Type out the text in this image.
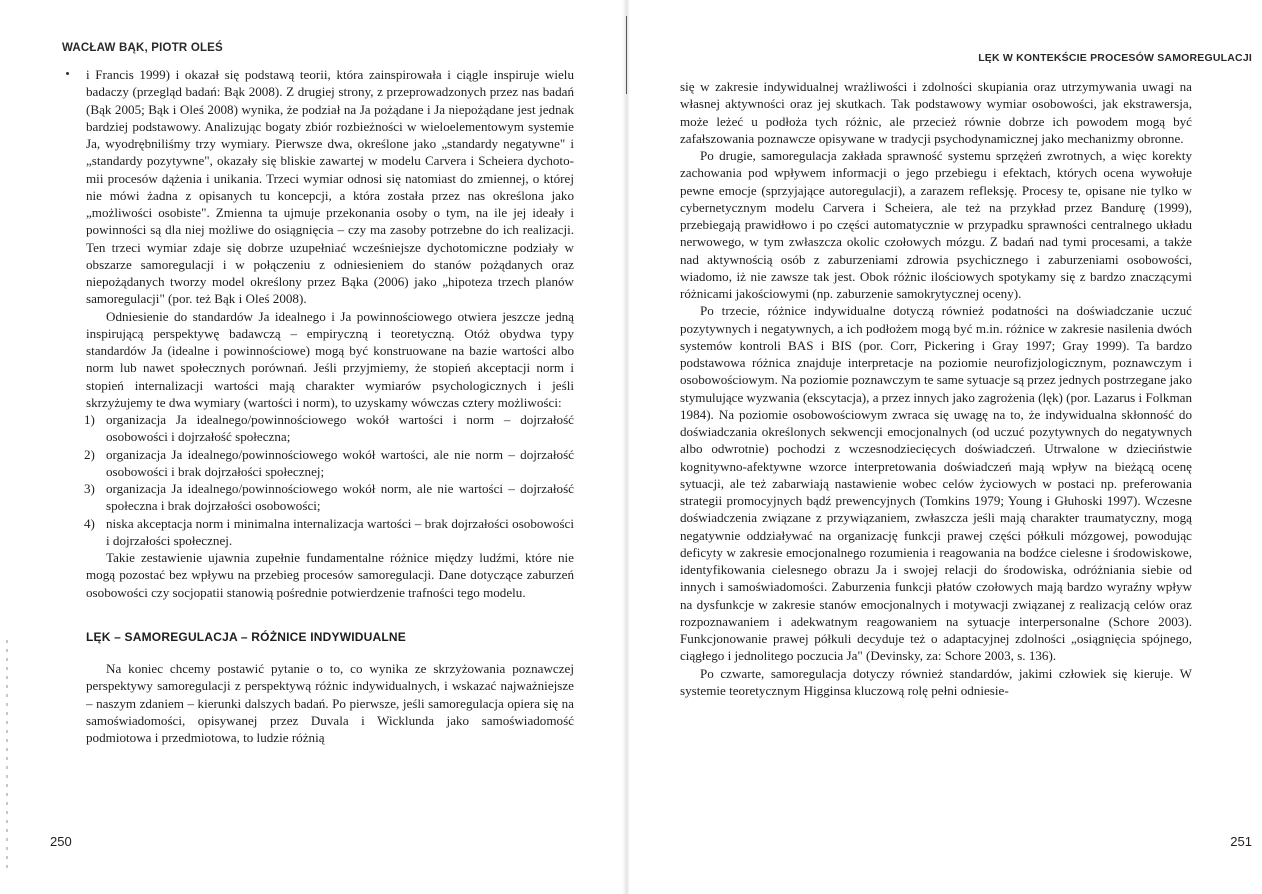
WACŁAW BĄK, PIOTR OLEŚ

i Francis 1999) i okazał się podstawą teorii, która zainspirowała i ciągle inspiruje wielu badaczy (przegląd badań: Bąk 2008). Z drugiej strony, z przeprowadzonych przez nas badań (Bąk 2005; Bąk i Oleś 2008) wynika, że podział na Ja pożądane i Ja niepożądane jest jednak bardziej podstawowy. Analizując bogaty zbiór rozbieżności w wieloelementowym systemie Ja, wyodrębniliśmy trzy wymiary. Pierwsze dwa, określone jako „standardy negatywne" i „standardy pozytywne", okazały się bliskie zawartej w modelu Carvera i Scheiera dychotomii procesów dążenia i unikania. Trzeci wymiar odnosi się natomiast do zmiennej, o której nie mówi żadna z opisanych tu koncepcji, a która została przez nas określona jako „możliwości osobiste". Zmienna ta ujmuje przekonania osoby o tym, na ile jej ideały i powinności są dla niej możliwe do osiągnięcia – czy ma zasoby potrzebne do ich realizacji. Ten trzeci wymiar zdaje się dobrze uzupełniać wcześniejsze dychotomiczne podziały w obszarze samoregulacji i w połączeniu z odniesieniem do stanów pożądanych oraz niepożądanych tworzy model określony przez Bąka (2006) jako „hipoteza trzech planów samoregulacji" (por. też Bąk i Oleś 2008).

Odniesienie do standardów Ja idealnego i Ja powinnościowego otwiera jeszcze jedną inspirującą perspektywę badawczą – empiryczną i teoretyczną. Otóż obydwa typy standardów Ja (idealne i powinnościowe) mogą być konstruowane na bazie wartości albo norm lub nawet społecznych porównań. Jeśli przyjmiemy, że stopień akceptacji norm i stopień internalizacji wartości mają charakter wymiarów psychologicznych i jeśli skrzyżujemy te dwa wymiary (wartości i norm), to uzyskamy wówczas cztery możliwości:

1) organizacja Ja idealnego/powinnościowego wokół wartości i norm – dojrzałość osobowości i dojrzałość społeczna;
2) organizacja Ja idealnego/powinnościowego wokół wartości, ale nie norm – dojrzałość osobowości i brak dojrzałości społecznej;
3) organizacja Ja idealnego/powinnościowego wokół norm, ale nie wartości – dojrzałość społeczna i brak dojrzałości osobowości;
4) niska akceptacja norm i minimalna internalizacja wartości – brak dojrzałości osobowości i dojrzałości społecznej.

Takie zestawienie ujawnia zupełnie fundamentalne różnice między ludźmi, które nie mogą pozostać bez wpływu na przebieg procesów samoregulacji. Dane dotyczące zaburzeń osobowości czy socjopatii stanowią pośrednie potwierdzenie trafności tego modelu.

LĘK – SAMOREGULACJA – RÓŻNICE INDYWIDUALNE

Na koniec chcemy postawić pytanie o to, co wynika ze skrzyżowania poznawczej perspektywy samoregulacji z perspektywą różnic indywidualnych, i wskazać najważniejsze – naszym zdaniem – kierunki dalszych badań. Po pierwsze, jeśli samoregulacja opiera się na samoświadomości, opisywanej przez Duvala i Wicklunda jako samoświadomość podmiotowa i przedmiotowa, to ludzie różnią

250

LĘK W KONTEKŚCIE PROCESÓW SAMOREGULACJI

się w zakresie indywidualnej wrażliwości i zdolności skupiania oraz utrzymywania uwagi na własnej aktywności oraz jej skutkach. Tak podstawowy wymiar osobowości, jak ekstrawersja, może leżeć u podłoża tych różnic, ale przecież równie dobrze ich powodem mogą być zafałszowania poznawcze opisywane w tradycji psychodynamicznej jako mechanizmy obronne.

Po drugie, samoregulacja zakłada sprawność systemu sprzężeń zwrotnych, a więc korekty zachowania pod wpływem informacji o jego przebiegu i efektach, których ocena wywołuje pewne emocje (sprzyjające autoregulacji), a zarazem refleksję. Procesy te, opisane nie tylko w cybernetycznym modelu Carvera i Scheiera, ale też na przykład przez Bandurę (1999), przebiegają prawidłowo i po części automatycznie w przypadku sprawności centralnego układu nerwowego, w tym zwłaszcza okolic czołowych mózgu. Z badań nad tymi procesami, a także nad aktywnością osób z zaburzeniami zdrowia psychicznego i zaburzeniami osobowości, wiadomo, iż nie zawsze tak jest. Obok różnic ilościowych spotykamy się z bardzo znaczącymi różnicami jakościowymi (np. zaburzenie samokrytycznej oceny).

Po trzecie, różnice indywidualne dotyczą również podatności na doświadczanie uczuć pozytywnych i negatywnych, a ich podłożem mogą być m.in. różnice w zakresie nasilenia dwóch systemów kontroli BAS i BIS (por. Corr, Pickering i Gray 1997; Gray 1999). Ta bardzo podstawowa różnica znajduje interpretacje na poziomie neurofizjologicznym, poznawczym i osobowościowym. Na poziomie poznawczym te same sytuacje są przez jednych postrzegane jako stymulujące wyzwania (ekscytacja), a przez innych jako zagrożenia (lęk) (por. Lazarus i Folkman 1984). Na poziomie osobowościowym zwraca się uwagę na to, że indywidualna skłonność do doświadczania określonych sekwencji emocjonalnych (od uczuć pozytywnych do negatywnych albo odwrotnie) pochodzi z wczesnodziecięcych doświadczeń. Utrwalone w dzieciństwie kognitywno-afektywne wzorce interpretowania doświadczeń mają wpływ na bieżącą ocenę sytuacji, ale też zabarwiają nastawienie wobec celów życiowych w postaci np. preferowania strategii promocyjnych bądź prewencyjnych (Tomkins 1979; Young i Głuhoski 1997). Wczesne doświadczenia związane z przywiązaniem, zwłaszcza jeśli mają charakter traumatyczny, mogą negatywnie oddziaływać na organizację funkcji prawej części półkuli mózgowej, powodując deficyty w zakresie emocjonalnego rozumienia i reagowania na bodźce cielesne i środowiskowe, identyfikowania cielesnego obrazu Ja i swojej relacji do środowiska, odróżniania siebie od innych i samoświadomości. Zaburzenia funkcji płatów czołowych mają bardzo wyraźny wpływ na dysfunkcje w zakresie stanów emocjonalnych i motywacji związanej z realizacją celów oraz rozpoznawaniem i adekwatnym reagowaniem na sytuacje interpersonalne (Schore 2003). Funkcjonowanie prawej półkuli decyduje też o adaptacyjnej zdolności „osiągnięcia spójnego, ciągłego i jednolitego poczucia Ja" (Devinsky, za: Schore 2003, s. 136).

Po czwarte, samoregulacja dotyczy również standardów, jakimi człowiek się kieruje. W systemie teoretycznym Higginsa kluczową rolę pełni odniesie-

251
